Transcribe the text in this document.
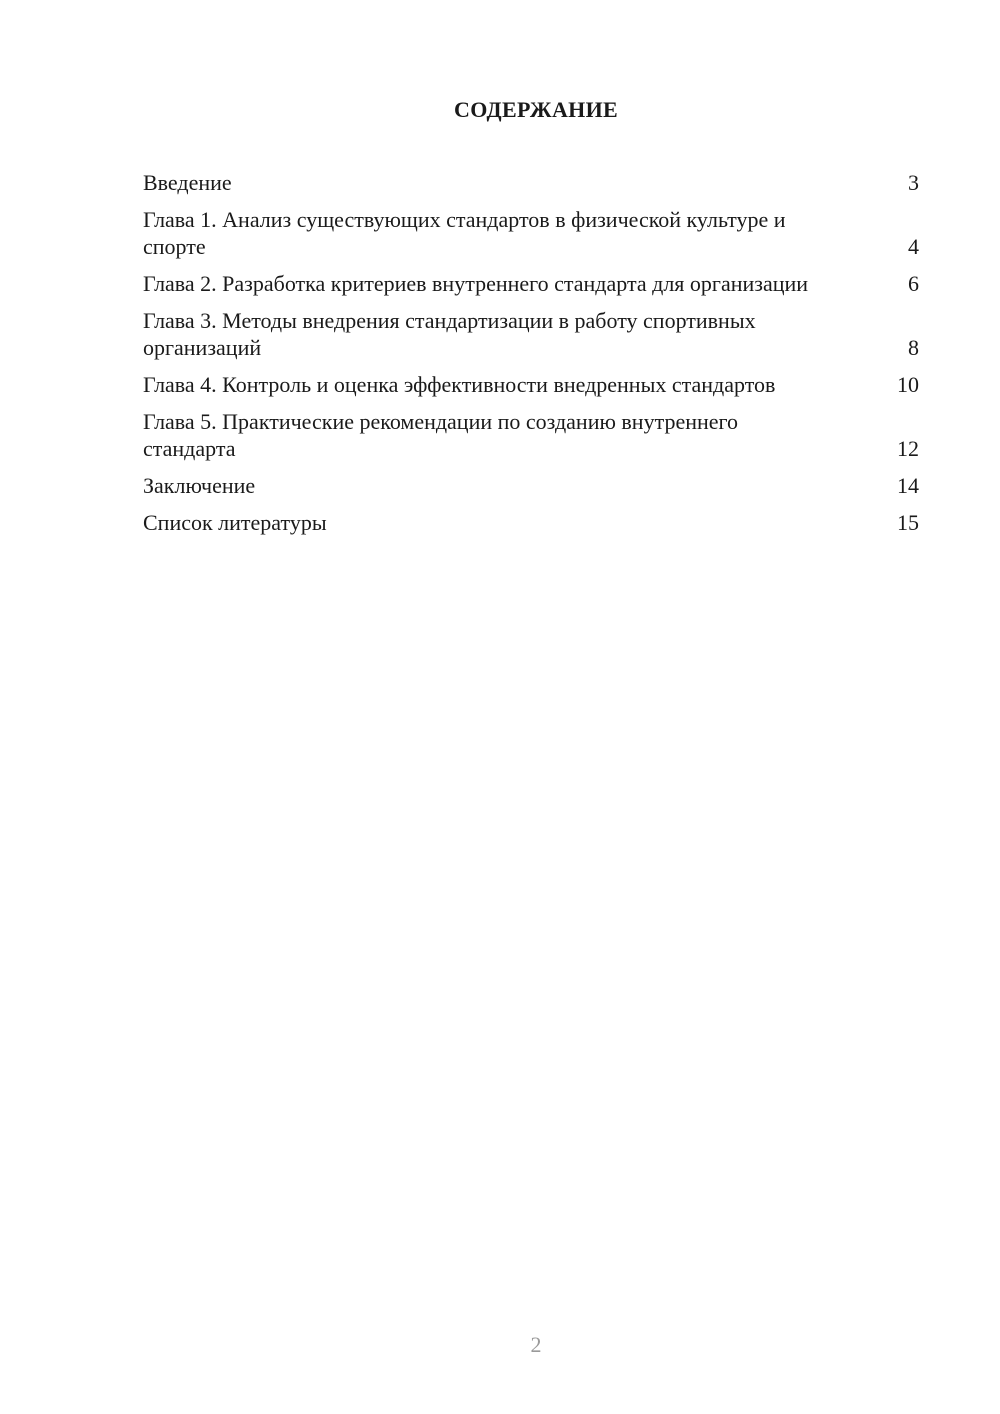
СОДЕРЖАНИЕ
Введение	3
Глава 1. Анализ существующих стандартов в физической культуре и спорте	4
Глава 2. Разработка критериев внутреннего стандарта для организации	6
Глава 3. Методы внедрения стандартизации в работу спортивных организаций	8
Глава 4. Контроль и оценка эффективности внедренных стандартов	10
Глава 5. Практические рекомендации по созданию внутреннего стандарта	12
Заключение	14
Список литературы	15
2
